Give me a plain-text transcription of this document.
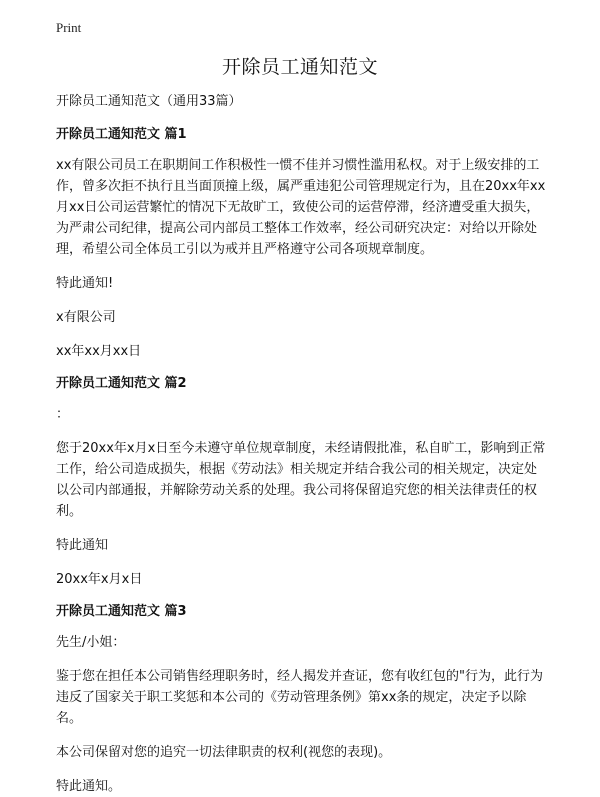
Print
开除员工通知范文

开除员工通知范文（通用33篇）

开除员工通知范文 篇1

xx有限公司员工在职期间工作积极性一惯不佳并习惯性滥用私权。对于上级安排的工作，曾多次拒不执行且当面顶撞上级，属严重违犯公司管理规定行为，且在20xx年xx月xx日公司运营繁忙的情况下无故旷工，致使公司的运营停滞，经济遭受重大损失，为严肃公司纪律，提高公司内部员工整体工作效率，经公司研究决定：对给以开除处理，希望公司全体员工引以为戒并且严格遵守公司各项规章制度。

特此通知!

x有限公司

xx年xx月xx日

开除员工通知范文 篇2

：

您于20xx年x月x日至今未遵守单位规章制度，未经请假批准，私自旷工，影响到正常工作，给公司造成损失，根据《劳动法》相关规定并结合我公司的相关规定，决定处以公司内部通报，并解除劳动关系的处理。我公司将保留追究您的相关法律责任的权利。

特此通知

20xx年x月x日

开除员工通知范文 篇3

先生/小姐：

鉴于您在担任本公司销售经理职务时，经人揭发并查证，您有收红包的"行为，此行为违反了国家关于职工奖惩和本公司的《劳动管理条例》第xx条的规定，决定予以除名。

本公司保留对您的追究一切法律职责的权利(视您的表现)。

特此通知。
